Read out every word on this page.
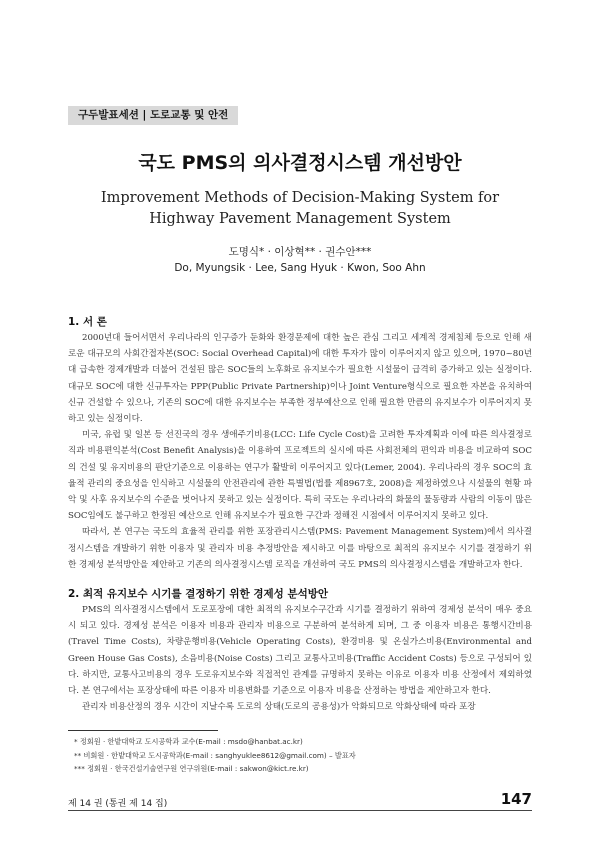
구두발표세션 | 도로교통 및 안전
국도 PMS의 의사결정시스템 개선방안
Improvement Methods of Decision-Making System for Highway Pavement Management System
도명식* · 이상혁** · 권수안***
Do, Myungsik · Lee, Sang Hyuk · Kwon, Soo Ahn
1. 서 론

2000년대 들어서면서 우리나라의 인구증가 둔화와 환경문제에 대한 높은 관심 그리고 세계적 경제침체 등으로 인해 새로운 대규모의 사회간접자본(SOC: Social Overhead Capital)에 대한 투자가 많이 이루어지지 않고 있으며, 1970~80년대 급속한 경제개발과 더불어 건설된 많은 SOC들의 노후화로 유지보수가 필요한 시설물이 급격히 증가하고 있는 실정이다. 대규모 SOC에 대한 신규투자는 PPP(Public Private Partnership)이나 Joint Venture형식으로 필요한 자본을 유치하여 신규 건설할 수 있으나, 기존의 SOC에 대한 유지보수는 부족한 정부예산으로 인해 필요한 만큼의 유지보수가 이루어지지 못하고 있는 실정이다.

미국, 유럽 및 일본 등 선진국의 경우 생애주기비용(LCC: Life Cycle Cost)을 고려한 투자계획과 이에 따른 의사결정로직과 비용편익분석(Cost Benefit Analysis)을 이용하여 프로젝트의 실시에 따른 사회전체의 편익과 비용을 비교하여 SOC의 건설 및 유지비용의 판단기준으로 이용하는 연구가 활발히 이루어지고 있다(Lemer, 2004). 우리나라의 경우 SOC의 효율적 관리의 중요성을 인식하고 시설물의 안전관리에 관한 특별법(법률 제8967호, 2008)을 제정하였으나 시설물의 현황 파악 및 사후 유지보수의 수준을 벗어나지 못하고 있는 실정이다. 특히 국도는 우리나라의 화물의 물동량과 사람의 이동이 많은 SOC임에도 불구하고 한정된 예산으로 인해 유지보수가 필요한 구간과 정해진 시점에서 이루어지지 못하고 있다.

따라서, 본 연구는 국도의 효율적 관리를 위한 포장관리시스템(PMS: Pavement Management System)에서 의사결정시스템을 개발하기 위한 이용자 및 관리자 비용 추정방안을 제시하고 이를 바탕으로 최적의 유지보수 시기를 결정하기 위한 경제성 분석방안을 제안하고 기존의 의사결정시스템 로직을 개선하여 국도 PMS의 의사결정시스템을 개발하고자 한다.

2. 최적 유지보수 시기를 결정하기 위한 경제성 분석방안

PMS의 의사결정시스템에서 도로포장에 대한 최적의 유지보수구간과 시기를 결정하기 위하여 경제성 분석이 매우 중요시 되고 있다. 경제성 분석은 이용자 비용과 관리자 비용으로 구분하여 분석하게 되며, 그 중 이용자 비용은 통행시간비용(Travel Time Costs), 차량운행비용(Vehicle Operating Costs), 환경비용 및 온실가스비용(Environmental and Green House Gas Costs), 소음비용(Noise Costs) 그리고 교통사고비용(Traffic Accident Costs) 등으로 구성되어 있다. 하지만, 교통사고비용의 경우 도로유지보수와 직접적인 관계를 규명하지 못하는 이유로 이용자 비용 산정에서 제외하였다. 본 연구에서는 포장상태에 따른 이용자 비용변화를 기준으로 이용자 비용을 산정하는 방법을 제안하고자 한다.

관리자 비용산정의 경우 시간이 지날수록 도로의 상태(도로의 공용성)가 악화되므로 악화상태에 따라 포장

* 정회원 · 한밭대학교 도시공학과 교수(E-mail : msdo@hanbat.ac.kr)
** 비회원 · 한밭대학교 도시공학과(E-mail : sanghyuklee8612@gmail.com) – 발표자
*** 정회원 · 한국건설기술연구원 연구위원(E-mail : sakwon@kict.re.kr)
제 14 권 (통권 제 14 집)	147
